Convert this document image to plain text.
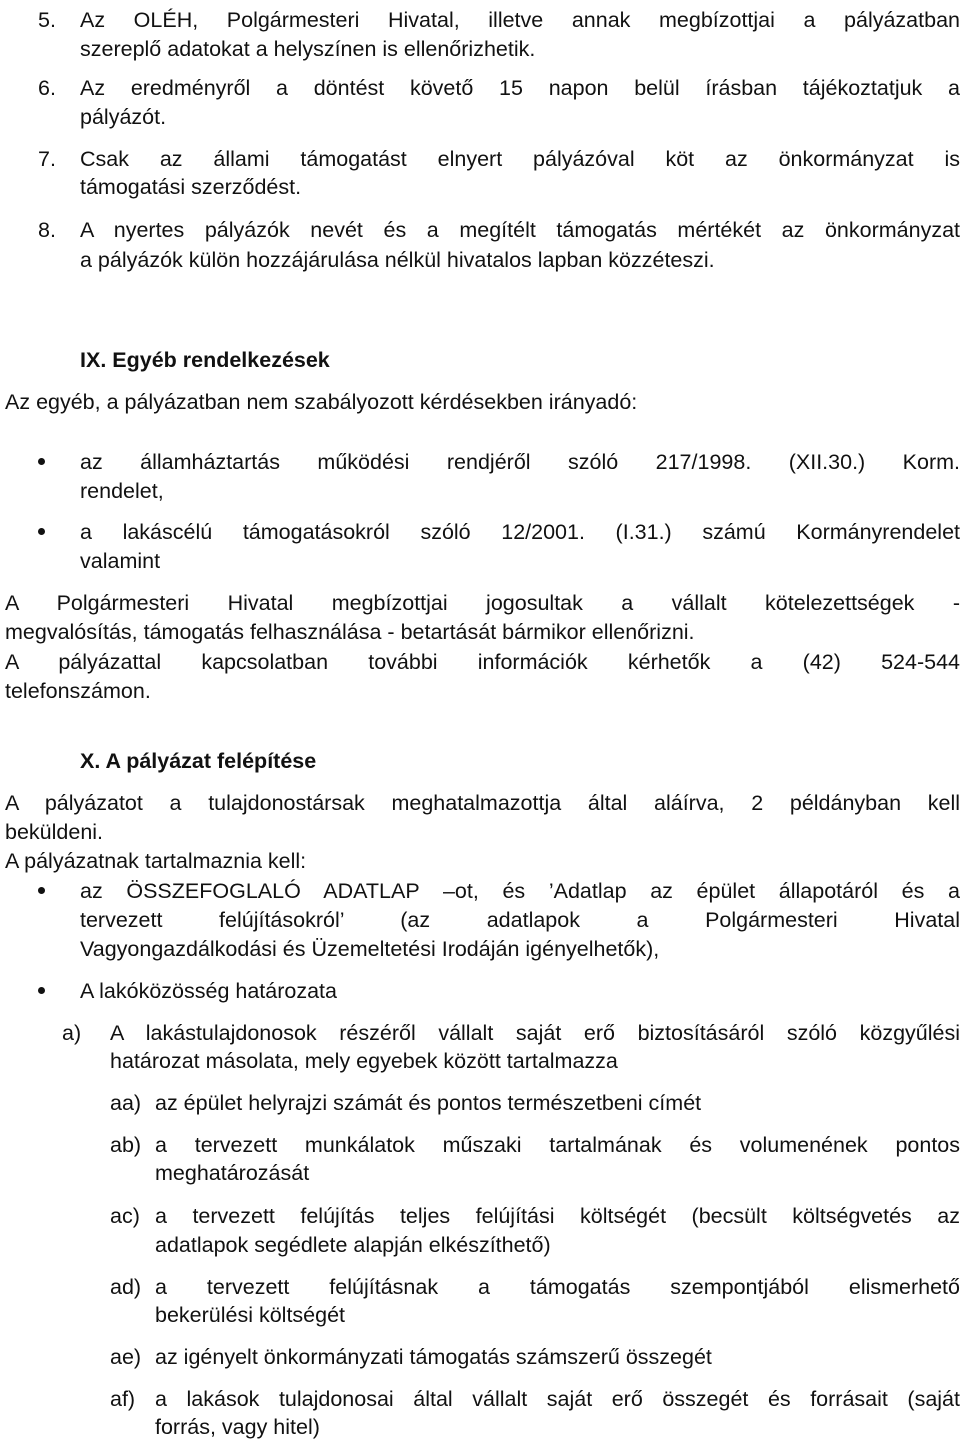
5. Az OLÉH, Polgármesteri Hivatal, illetve annak megbízottjai a pályázatban
szereplő adatokat a helyszínen is ellenőrizhetik.
6. Az eredményről a döntést követő 15 napon belül írásban tájékoztatjuk a
pályázót.
7. Csak az állami támogatást elnyert pályázóval köt az önkormányzat is
támogatási szerződést.
8. A nyertes pályázók nevét és a megítélt támogatás mértékét az önkormányzat
a pályázók külön hozzájárulása nélkül hivatalos lapban közzéteszi.
IX. Egyéb rendelkezések
Az egyéb, a pályázatban nem szabályozott kérdésekben irányadó:
az államháztartás működési rendjéről szóló 217/1998. (XII.30.) Korm.
rendelet,
a lakáscélú támogatásokról szóló 12/2001. (I.31.) számú Kormányrendelet
valamint
A Polgármesteri Hivatal megbízottjai jogosultak a vállalt kötelezettségek -
megvalósítás, támogatás felhasználása - betartását bármikor ellenőrizni.
A pályázattal kapcsolatban további információk kérhetők a (42) 524-544
telefonszámon.
X. A pályázat felépítése
A pályázatot a tulajdonostársak meghatalmazottja által aláírva, 2 példányban kell
beküldeni.
A pályázatnak tartalmaznia kell:
az ÖSSZEFOGLALÓ ADATLAP –ot, és ’Adatlap az épület állapotáról és a
tervezett felújításokról’ (az adatlapok a Polgármesteri Hivatal
Vagyongazdálkodási és Üzemeltetési Irodáján igényelhetők),
A lakóközösség határozata
a) A lakástulajdonosok részéről vállalt saját erő biztosításáról szóló közgyűlési
határozat másolata, mely egyebek között tartalmazza
aa) az épület helyrajzi számát és pontos természetbeni címét
ab) a tervezett munkálatok műszaki tartalmának és volumenének pontos
meghatározását
ac) a tervezett felújítás teljes felújítási költségét (becsült költségvetés az
adatlapok segédlete alapján elkészíthető)
ad) a tervezett felújításnak a támogatás szempontjából elismerhető
bekerülési költségét
ae) az igényelt önkormányzati támogatás számszerű összegét
af) a lakások tulajdonosai által vállalt saját erő összegét és forrásait (saját
forrás, vagy hitel)
